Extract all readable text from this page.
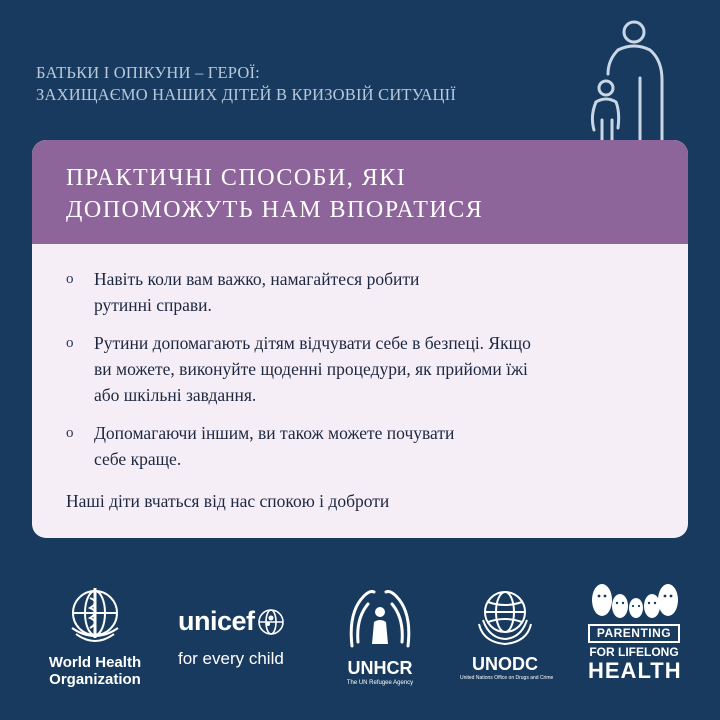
БАТЬКИ І ОПІКУНИ – ГЕРОЇ:
ЗАХИЩАЄМО НАШИХ ДІТЕЙ В КРИЗОВІЙ СИТУАЦІЇ
ПРАКТИЧНІ СПОСОБИ, ЯКІ
ДОПОМОЖУТЬ НАМ ВПОРАТИСЯ
o	Навіть коли вам важко, намагайтеся робити
рутинні справи.
o	Рутини допомагають дітям відчувати себе в безпеці. Якщо
ви можете, виконуйте щоденні процедури, як прийоми їжі
або шкільні завдання.
o	Допомагаючи іншим, ви також можете почувати
себе краще.
Наші діти вчаться від нас спокою і доброти
World Health
Organization
unicef
for every child	UNHCR
The UN Refugee Agency
UNODC
United Nations Office on Drugs and Crime
PARENTING
FOR LIFELONG
HEALTH
